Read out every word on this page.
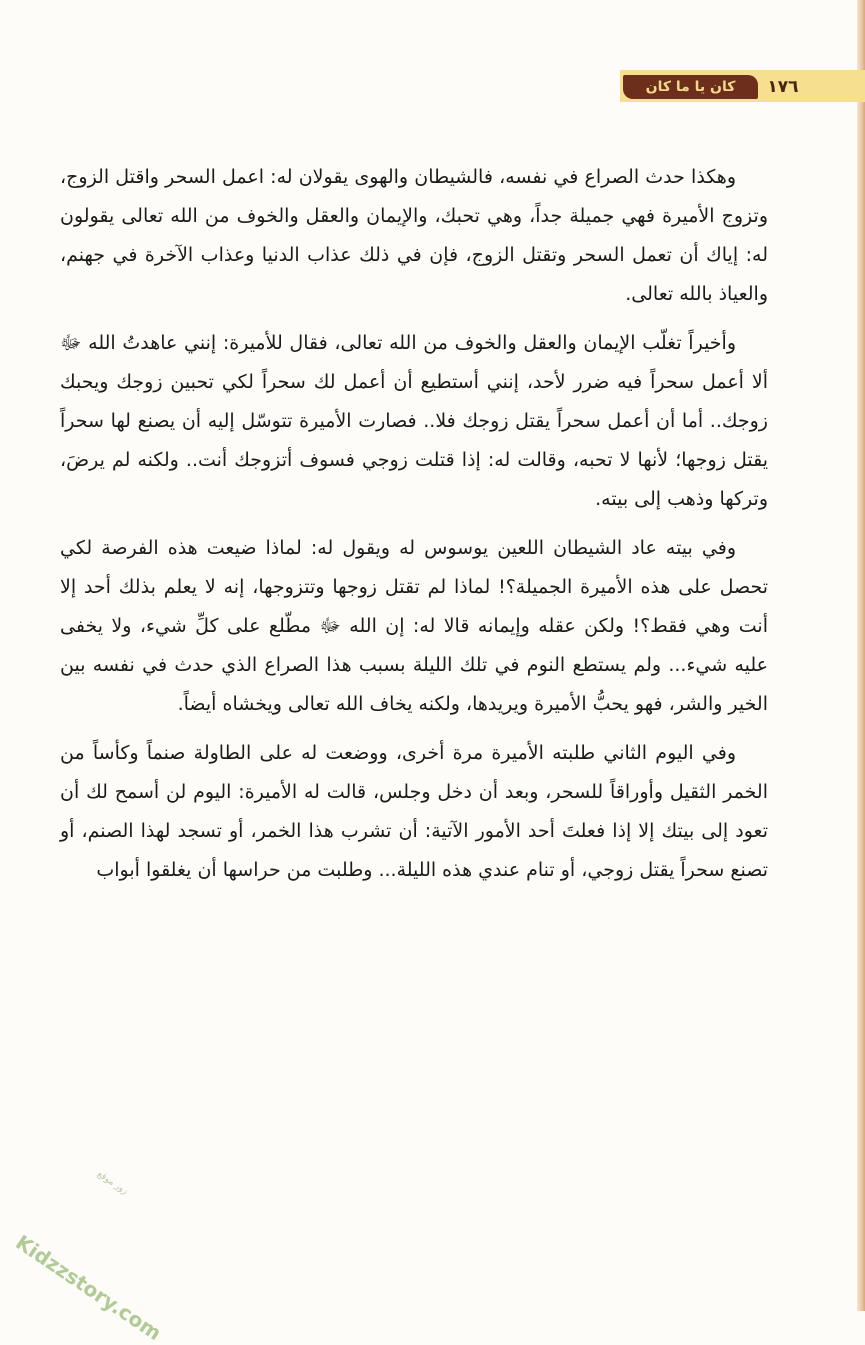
كان يا ما كان	١٧٦

وهكذا حدث الصراع في نفسه، فالشيطان والهوى يقولان له: اعمل السحر واقتل الزوج، وتزوج الأميرة فهي جميلة جداً، وهي تحبك، والإيمان والعقل والخوف من الله تعالى يقولون له: إياك أن تعمل السحر وتقتل الزوج، فإن في ذلك عذاب الدنيا وعذاب الآخرة في جهنم، والعياذ بالله تعالى.

وأخيراً تغلّب الإيمان والعقل والخوف من الله تعالى، فقال للأميرة: إنني عاهدتُ الله ﷻ ألا أعمل سحراً فيه ضرر لأحد، إنني أستطيع أن أعمل لك سحراً لكي تحبين زوجك ويحبك زوجك.. أما أن أعمل سحراً يقتل زوجك فلا.. فصارت الأميرة تتوسّل إليه أن يصنع لها سحراً يقتل زوجها؛ لأنها لا تحبه، وقالت له: إذا قتلت زوجي فسوف أتزوجك أنت.. ولكنه لم يرضَ، وتركها وذهب إلى بيته.

وفي بيته عاد الشيطان اللعين يوسوس له ويقول له: لماذا ضيعت هذه الفرصة لكي تحصل على هذه الأميرة الجميلة؟! لماذا لم تقتل زوجها وتتزوجها، إنه لا يعلم بذلك أحد إلا أنت وهي فقط؟! ولكن عقله وإيمانه قالا له: إن الله ﷻ مطّلع على كلِّ شيء، ولا يخفى عليه شيء... ولم يستطع النوم في تلك الليلة بسبب هذا الصراع الذي حدث في نفسه بين الخير والشر، فهو يحبُّ الأميرة ويريدها، ولكنه يخاف الله تعالى ويخشاه أيضاً.

وفي اليوم الثاني طلبته الأميرة مرة أخرى، ووضعت له على الطاولة صنماً وكأساً من الخمر الثقيل وأوراقاً للسحر، وبعد أن دخل وجلس، قالت له الأميرة: اليوم لن أسمح لك أن تعود إلى بيتك إلا إذا فعلتَ أحد الأمور الآتية: أن تشرب هذا الخمر، أو تسجد لهذا الصنم، أو تصنع سحراً يقتل زوجي، أو تنام عندي هذه الليلة... وطلبت من حراسها أن يغلقوا أبواب

زور موقع
Kidzzstory.com
